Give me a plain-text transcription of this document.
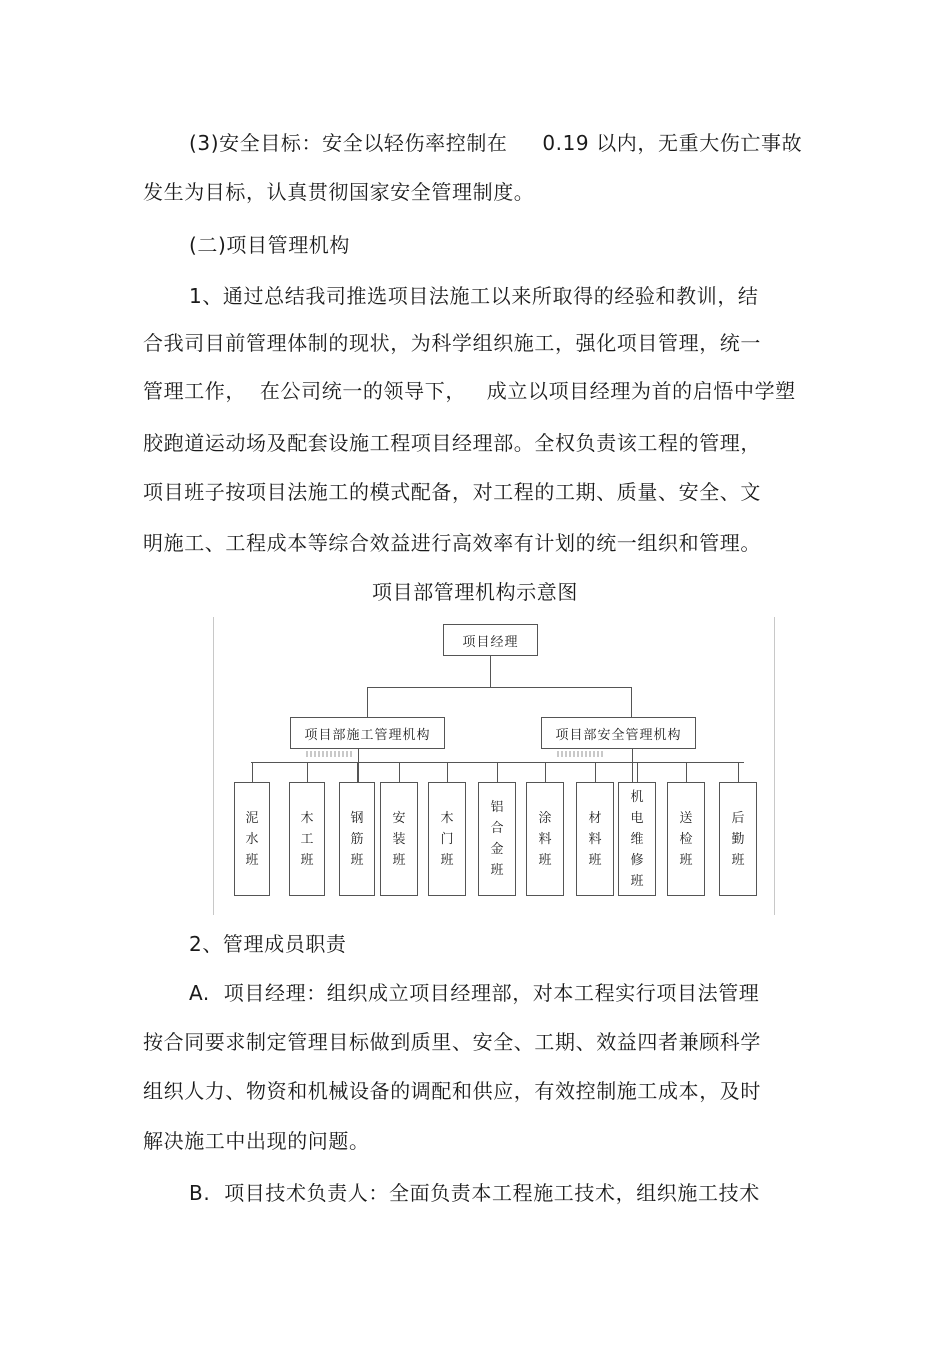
(3)安全目标：安全以轻伤率控制在     0.19 以内，无重大伤亡事故
发生为目标，认真贯彻国家安全管理制度。
(二)项目管理机构
1、通过总结我司推选项目法施工以来所取得的经验和教训，结
合我司目前管理体制的现状，为科学组织施工，强化项目管理，统一
管理工作，  在公司统一的领导下，   成立以项目经理为首的启悟中学塑
胶跑道运动场及配套设施工程项目经理部。全权负责该工程的管理，
项目班子按项目法施工的模式配备，对工程的工期、质量、安全、文
明施工、工程成本等综合效益进行高效率有计划的统一组织和管理。
项目部管理机构示意图
项目经理
项目部施工管理机构	项目部安全管理机构
泥
水
班
木
工
班
钢
筋
班
安
装
班
木
门
班
铝
合
金
班
涂
料
班
材
料
班
机
电
维
修
班
送
检
班
后
勤
班
2、管理成员职责
A.  项目经理：组织成立项目经理部，对本工程实行项目法管理
按合同要求制定管理目标做到质里、安全、工期、效益四者兼顾科学
组织人力、物资和机械设备的调配和供应，有效控制施工成本，及时
解决施工中出现的问题。
B.  项目技术负责人：全面负责本工程施工技术，组织施工技术
